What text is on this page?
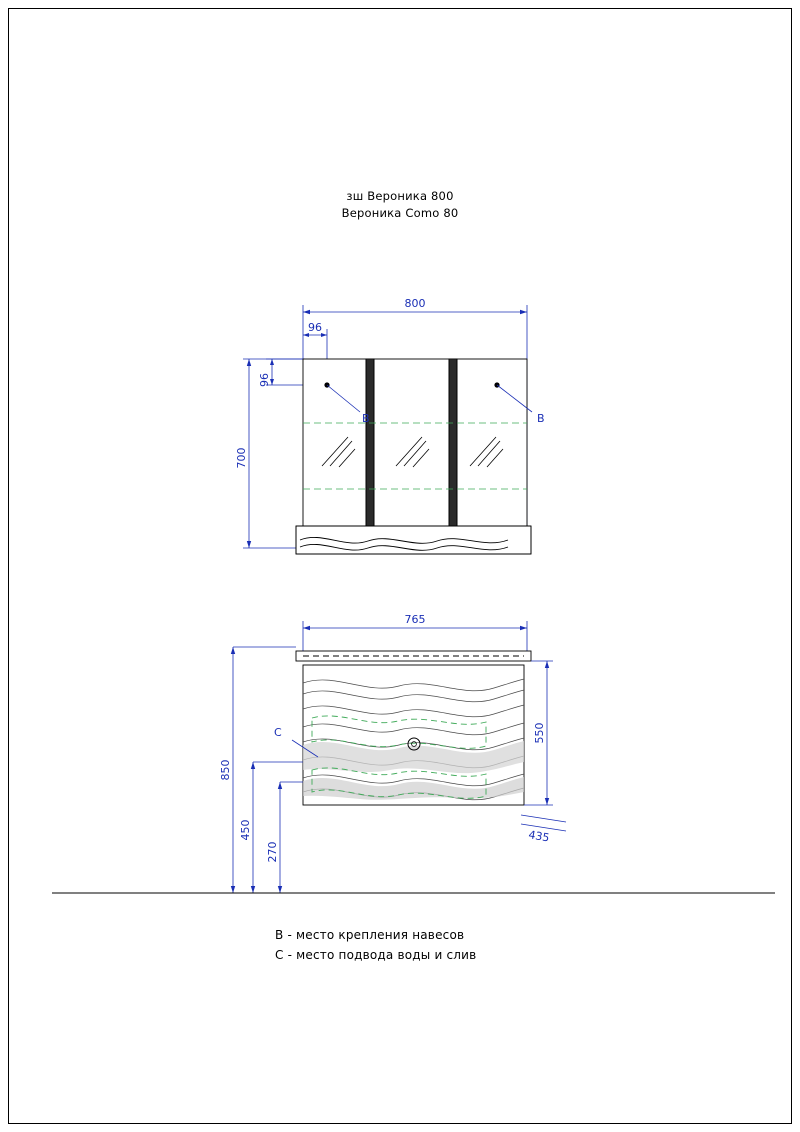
зш Вероника 800
Вероника Como 80
800
96
96
700
B	B
765
C	550
850
450
270
435
B - место крепления навесов
C - место подвода воды и слив
